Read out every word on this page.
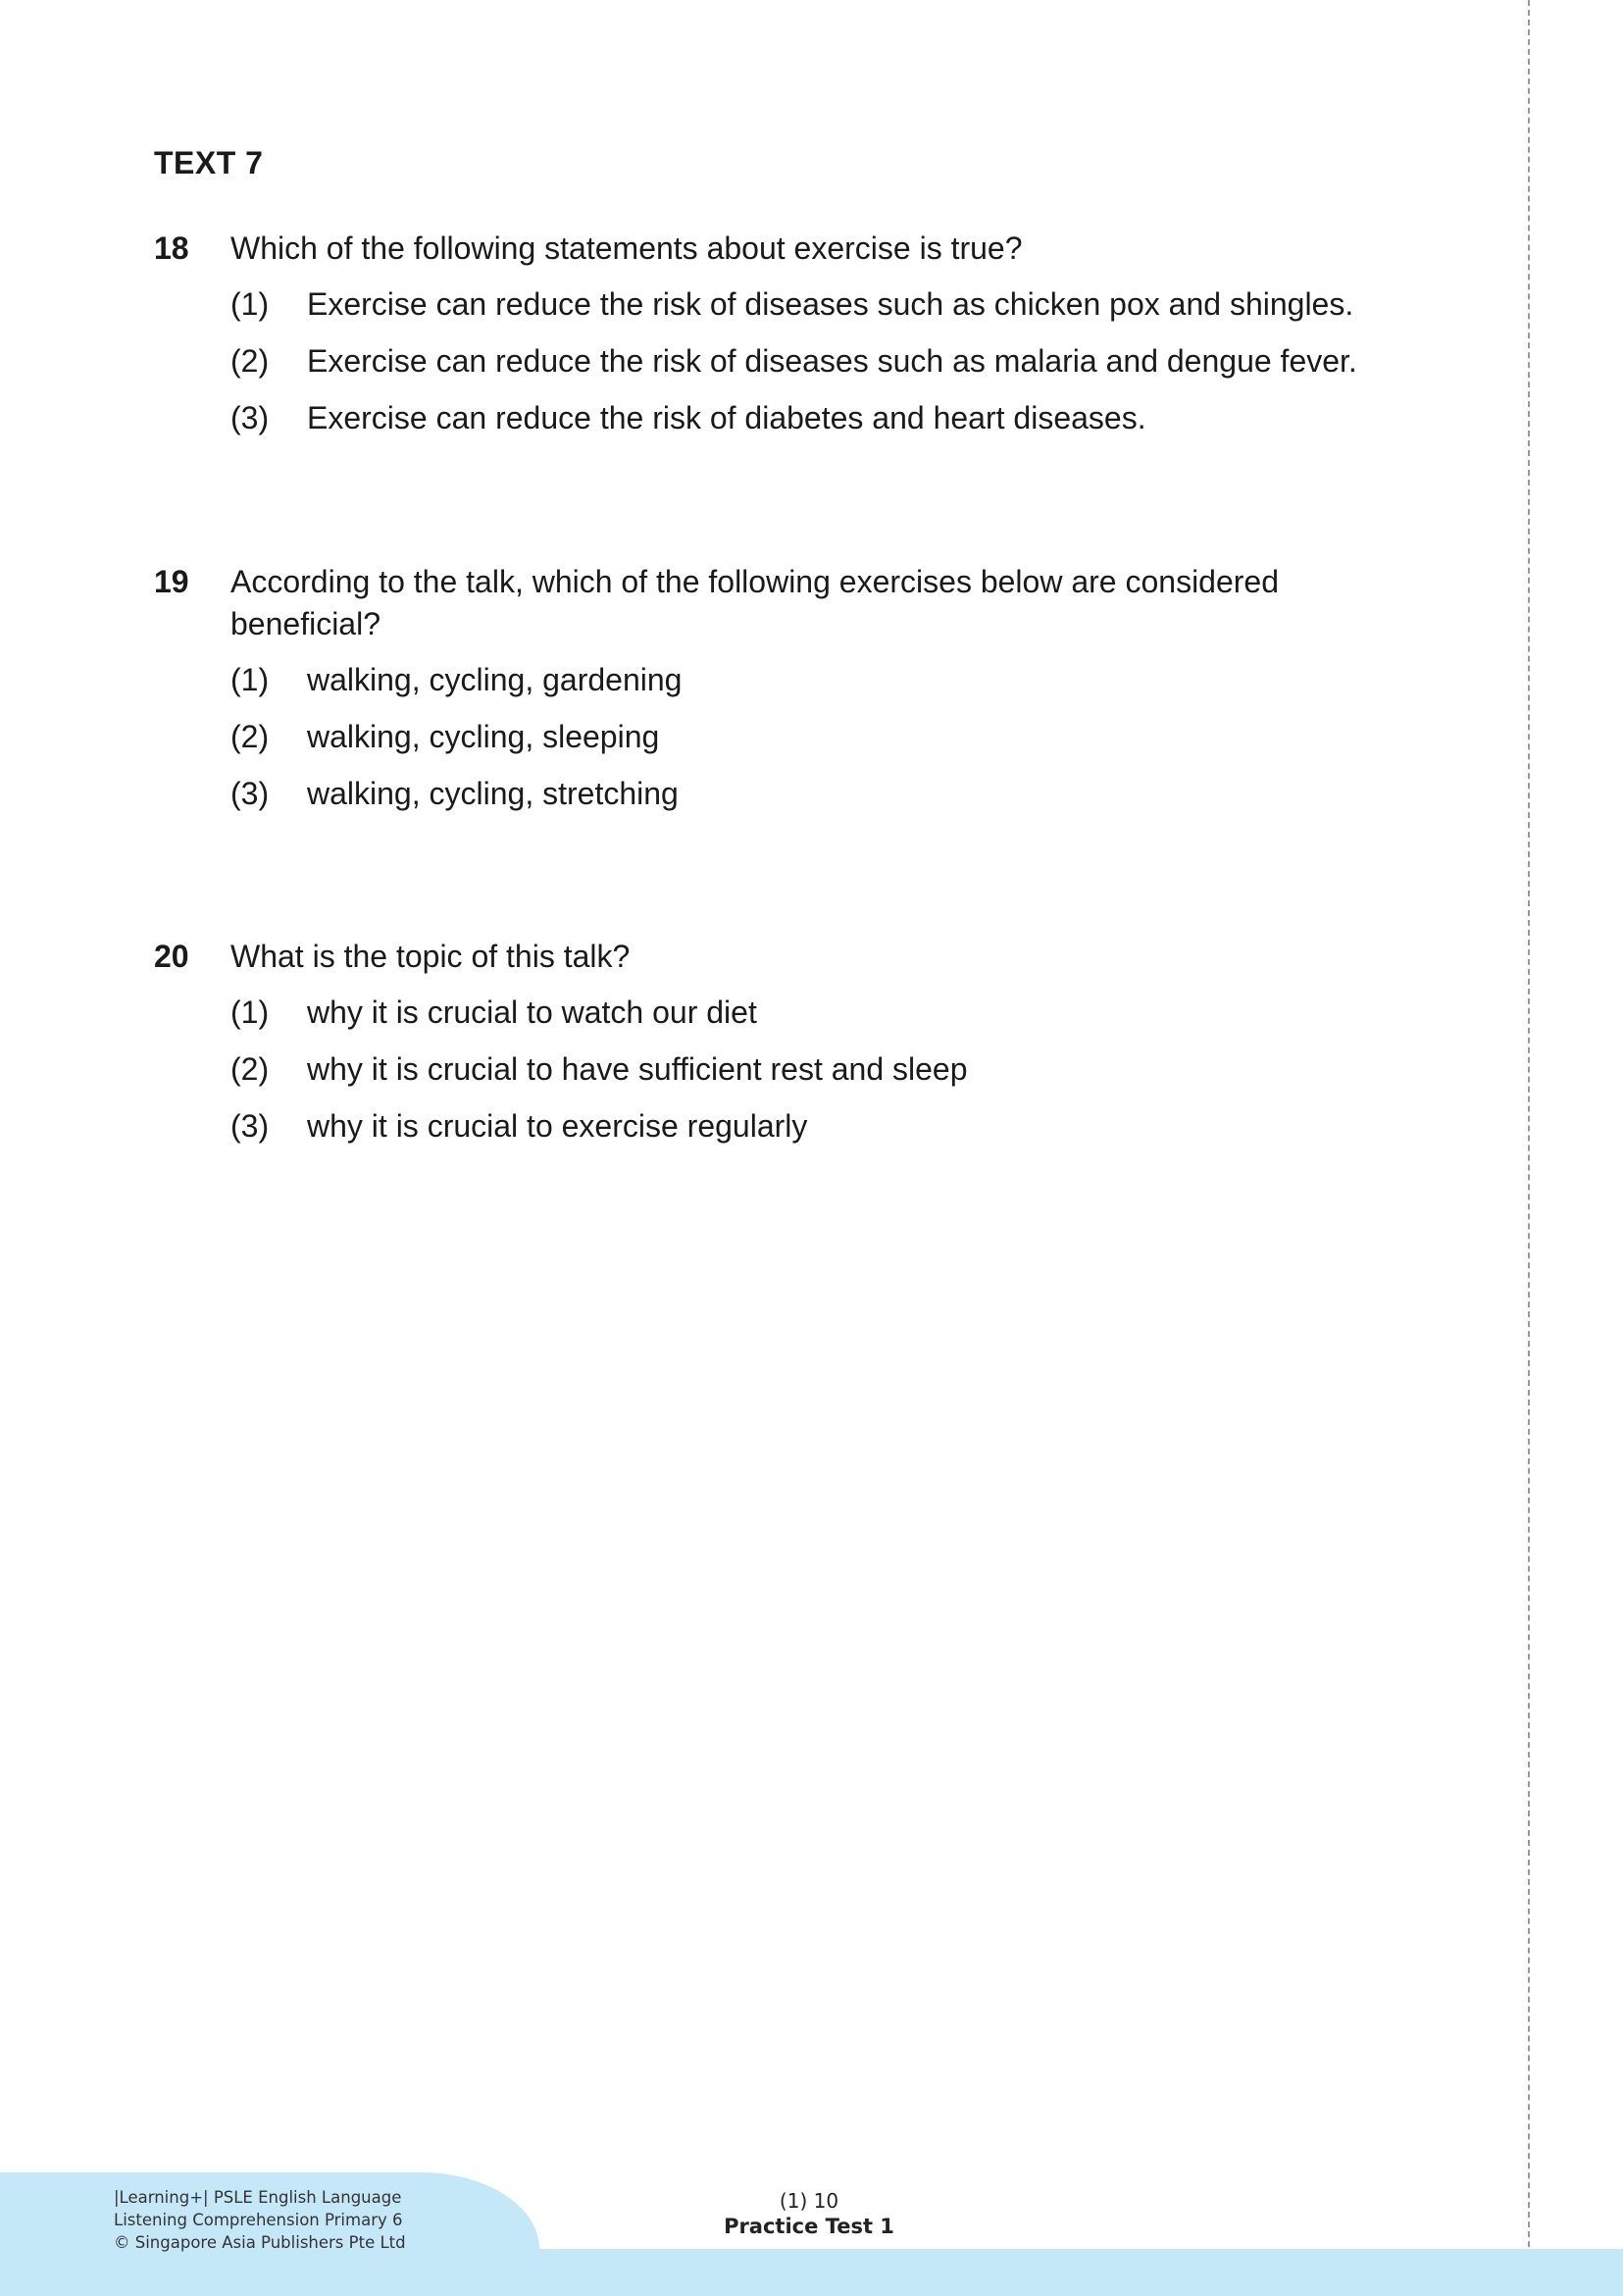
TEXT 7
18	Which of the following statements about exercise is true?
(1)	Exercise can reduce the risk of diseases such as chicken pox and shingles.
(2)	Exercise can reduce the risk of diseases such as malaria and dengue fever.
(3)	Exercise can reduce the risk of diabetes and heart diseases.
19	According to the talk, which of the following exercises below are considered beneficial?
(1)	walking, cycling, gardening
(2)	walking, cycling, sleeping
(3)	walking, cycling, stretching
20	What is the topic of this talk?
(1)	why it is crucial to watch our diet
(2)	why it is crucial to have sufficient rest and sleep
(3)	why it is crucial to exercise regularly
|Learning+| PSLE English Language
Listening Comprehension Primary 6
© Singapore Asia Publishers Pte Ltd
(1) 10
Practice Test 1
